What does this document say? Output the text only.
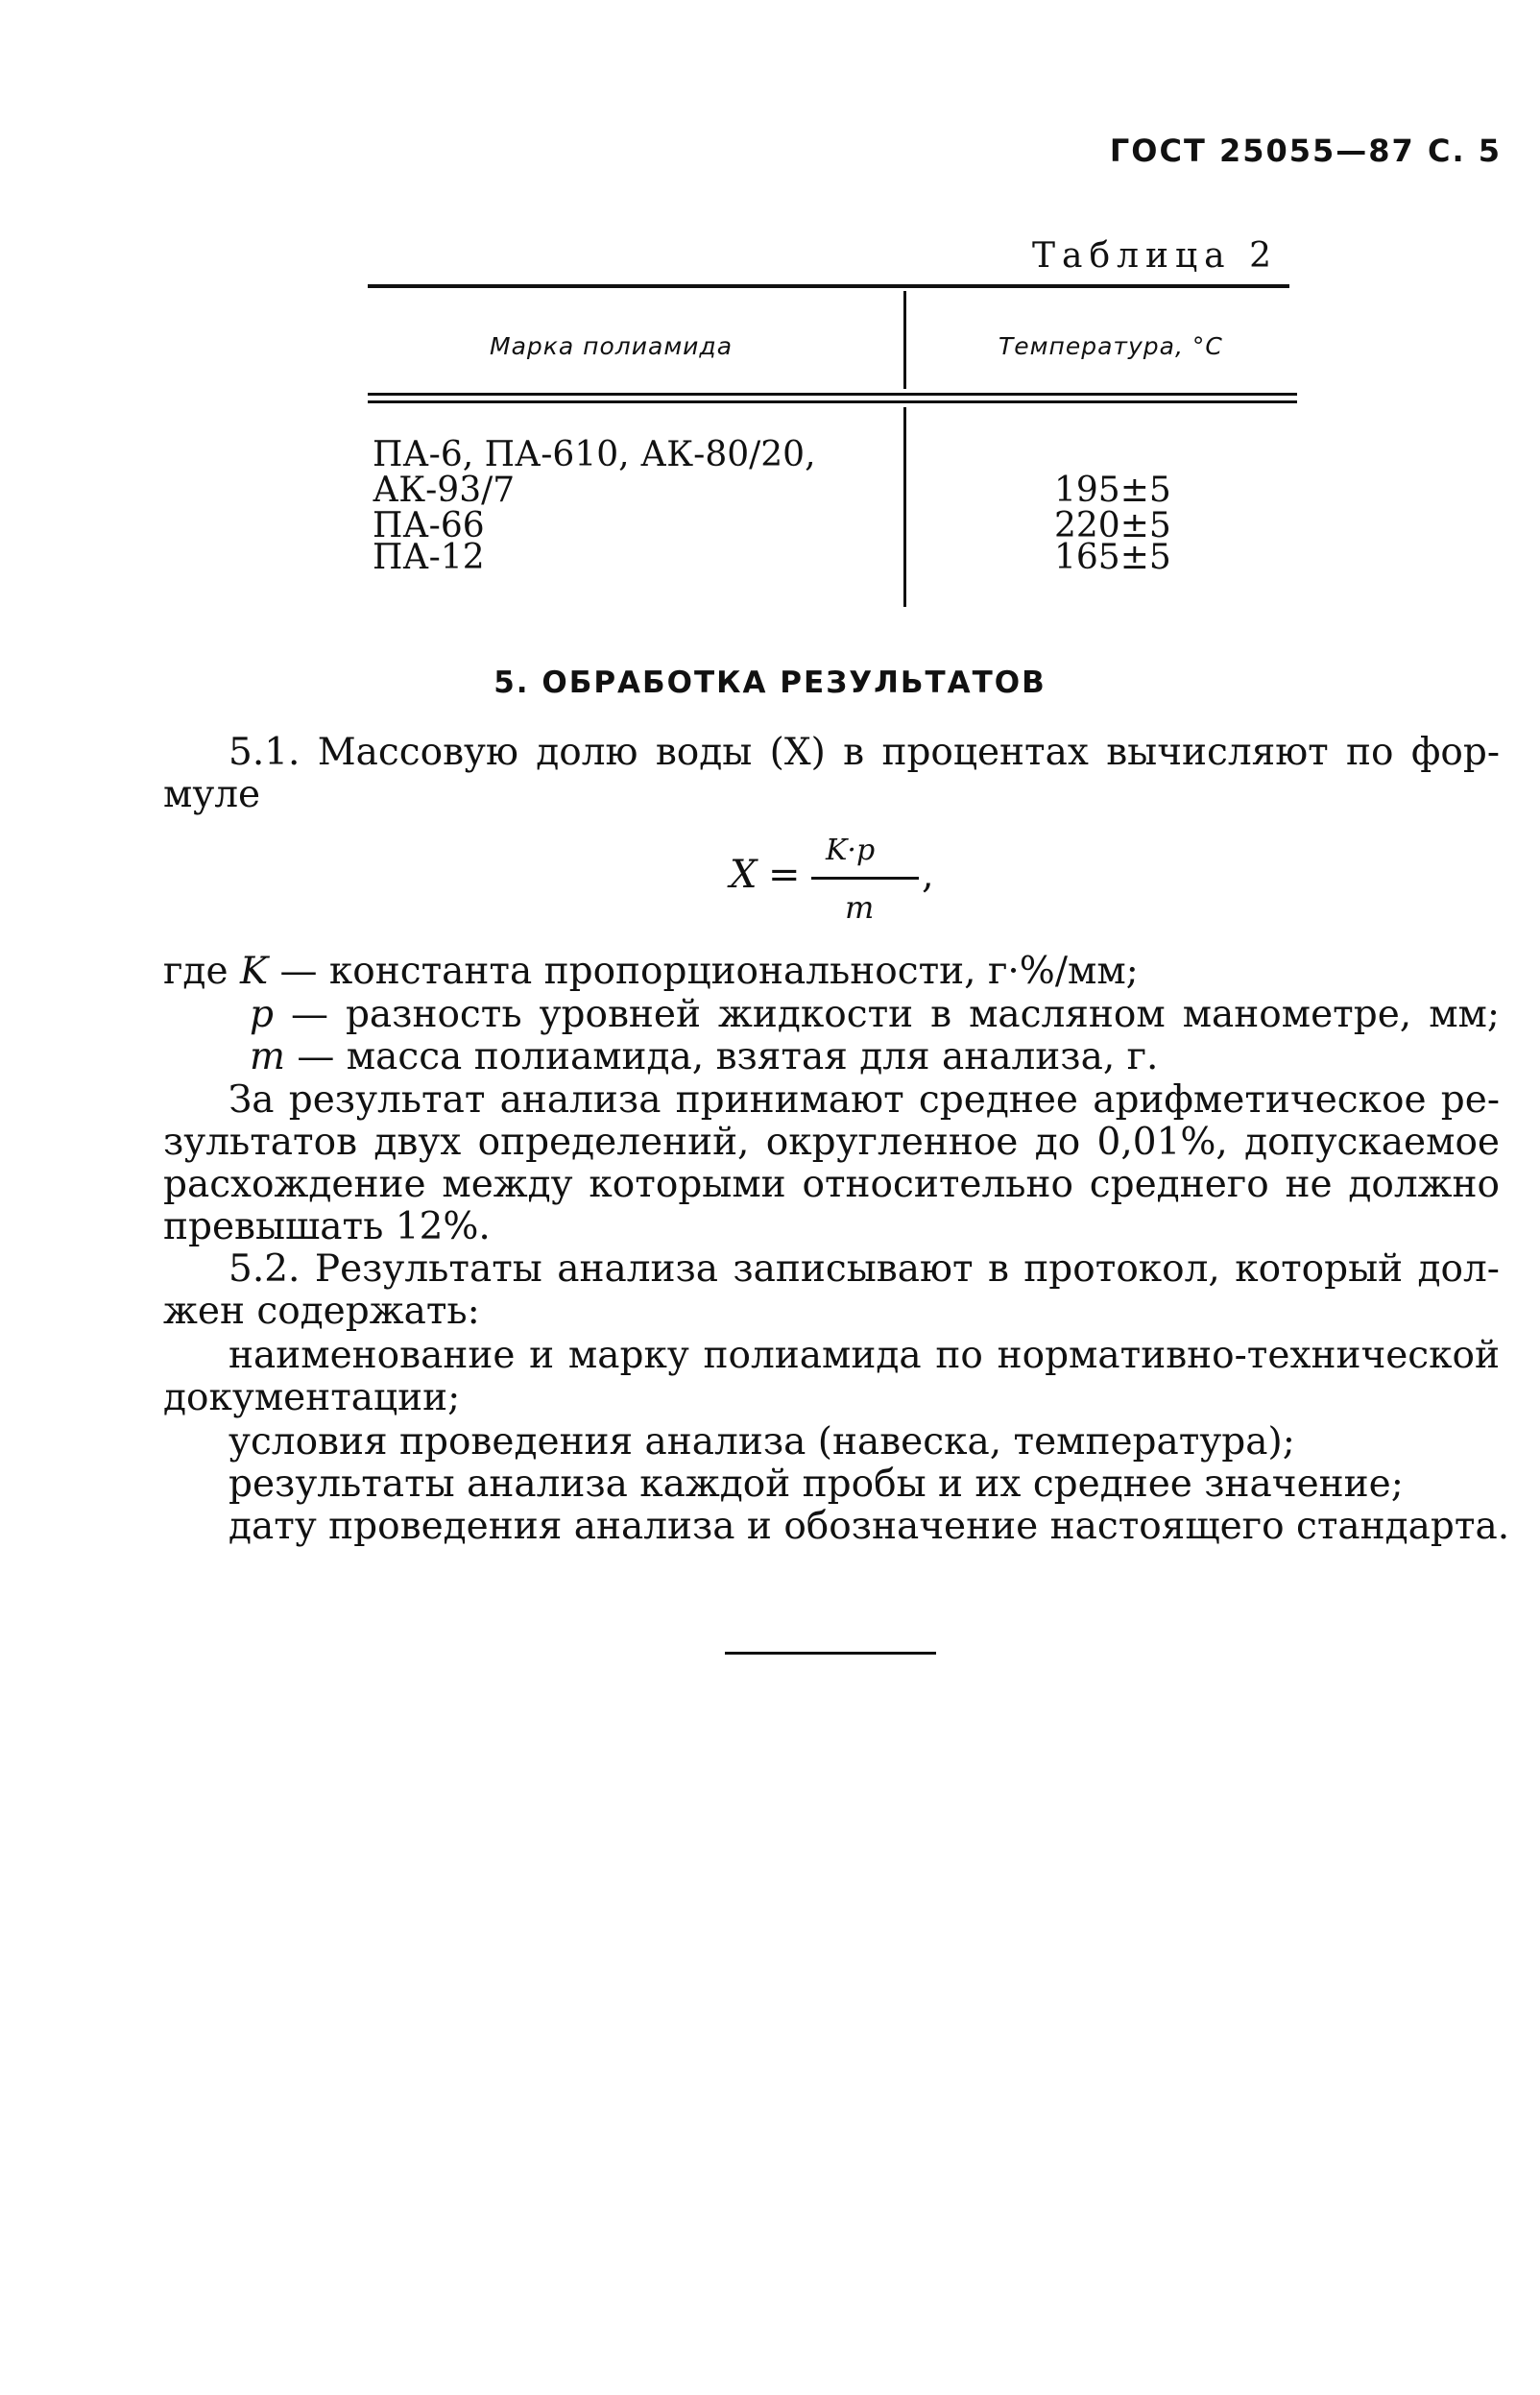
ГОСТ 25055—87 С. 5
Таблица 2
Марка полиамида	Температура, °С
ПА-6, ПА-610, АК-80/20,
АК-93/7
ПА-66
ПА-12
195±5
220±5
165±5
5. ОБРАБОТКА РЕЗУЛЬТАТОВ
5.1. Массовую долю воды (X) в процентах вычисляют по фор-
муле
X =
K·p
m
,
где K — константа пропорциональности, г·%/мм;
p — разность уровней жидкости в масляном манометре, мм;
m — масса полиамида, взятая для анализа, г.
За результат анализа принимают среднее арифметическое ре-
зультатов двух определений, округленное до 0,01%, допускаемое
расхождение между которыми относительно среднего не должно
превышать 12%.
5.2. Результаты анализа записывают в протокол, который дол-
жен содержать:
наименование и марку полиамида по нормативно-технической
документации;
условия проведения анализа (навеска, температура);
результаты анализа каждой пробы и их среднее значение;
дату проведения анализа и обозначение настоящего стандарта.
